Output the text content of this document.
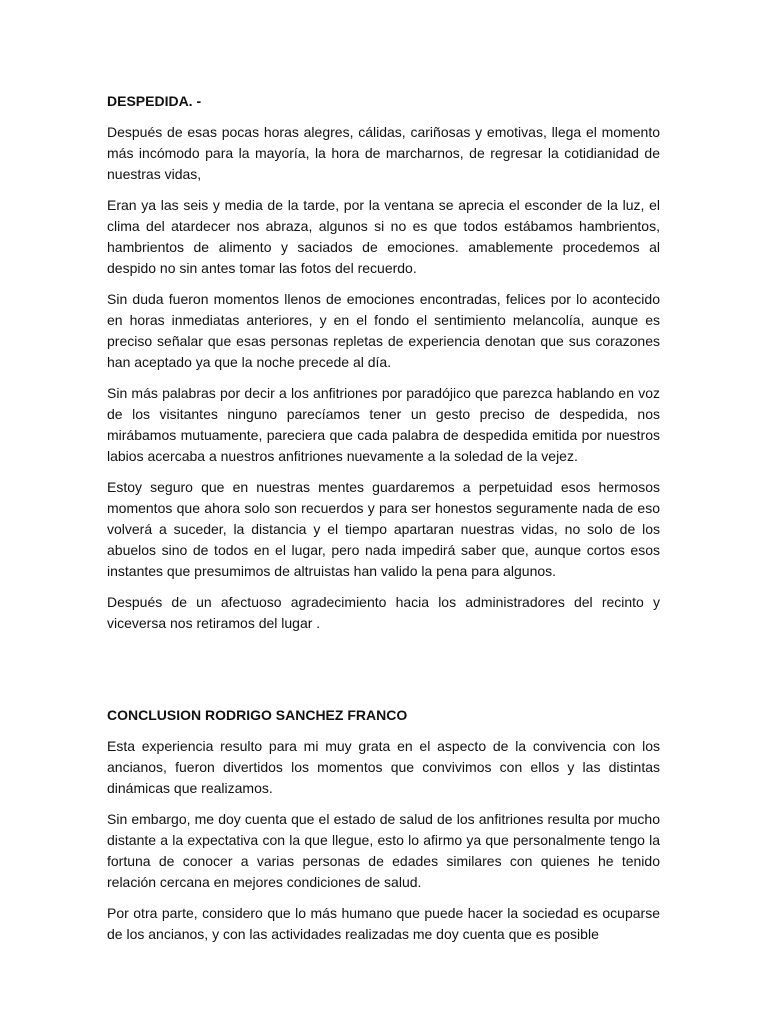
DESPEDIDA. -

Después de esas pocas horas alegres, cálidas, cariñosas y emotivas, llega el momento más incómodo para la mayoría, la hora de marcharnos, de regresar la cotidianidad de nuestras vidas,

Eran ya las seis y media de la tarde, por la ventana se aprecia el esconder de la luz, el clima del atardecer nos abraza, algunos si no es que todos estábamos hambrientos, hambrientos de alimento y saciados de emociones. amablemente procedemos al despido no sin antes tomar las fotos del recuerdo.

Sin duda fueron momentos llenos de emociones encontradas, felices por lo acontecido en horas inmediatas anteriores, y en el fondo el sentimiento melancolía, aunque es preciso señalar que esas personas repletas de experiencia denotan que sus corazones han aceptado ya que la noche precede al día.

Sin más palabras por decir a los anfitriones por paradójico que parezca hablando en voz de los visitantes ninguno parecíamos tener un gesto preciso de despedida, nos mirábamos mutuamente, pareciera que cada palabra de despedida emitida por nuestros labios acercaba a nuestros anfitriones nuevamente a la soledad de la vejez.

Estoy seguro que en nuestras mentes guardaremos a perpetuidad esos hermosos momentos que ahora solo son recuerdos y para ser honestos seguramente nada de eso volverá a suceder, la distancia y el tiempo apartaran nuestras vidas, no solo de los abuelos sino de todos en el lugar, pero nada impedirá saber que, aunque cortos esos instantes que presumimos de altruistas han valido la pena para algunos.

Después de un afectuoso agradecimiento hacia los administradores del recinto y viceversa nos retiramos del lugar .

CONCLUSION RODRIGO SANCHEZ FRANCO

Esta experiencia resulto para mi muy grata en el aspecto de la convivencia con los ancianos, fueron divertidos los momentos que convivimos con ellos y las distintas dinámicas que realizamos.

Sin embargo, me doy cuenta que el estado de salud de los anfitriones resulta por mucho distante a la expectativa con la que llegue, esto lo afirmo ya que personalmente tengo la fortuna de conocer a varias personas de edades similares con quienes he tenido relación cercana en mejores condiciones de salud.

Por otra parte, considero que lo más humano que puede hacer la sociedad es ocuparse de los ancianos, y con las actividades realizadas me doy cuenta que es posible
